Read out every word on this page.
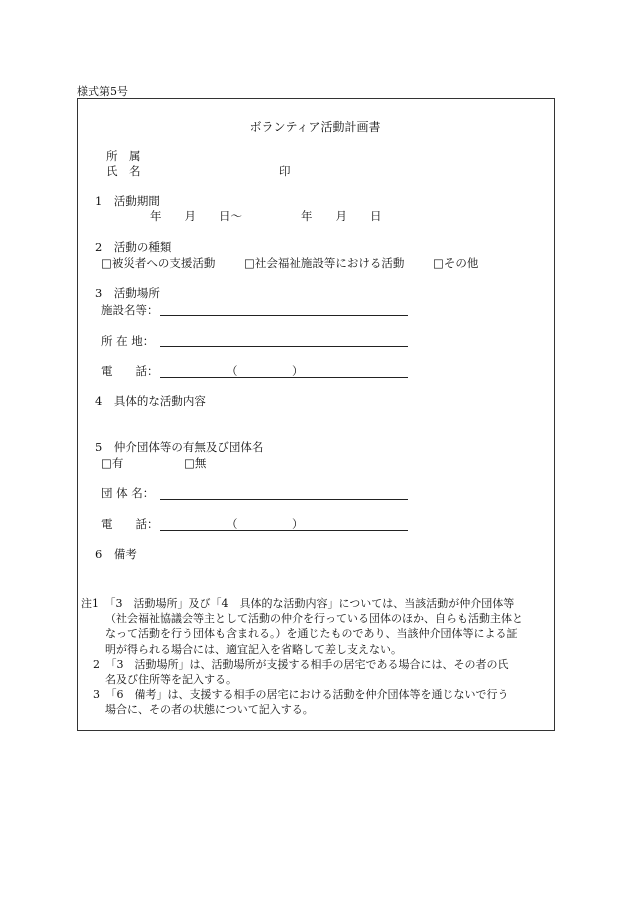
様式第5号
ボランティア活動計画書
所　属
氏　名	印
1　活動期間
年　　月　　日〜	年　　月　　日
2　活動の種類
□被災者への支援活動 □社会福祉施設等における活動 □その他
3　活動場所
施設名等：
所 在 地：
電　　話：	（	）
4　具体的な活動内容
5　仲介団体等の有無及び団体名
□有	□無
団 体 名：
電　　話：	（	）
6　備考

注1　「3　活動場所」及び「4　具体的な活動内容」については、当該活動が仲介団体等

（社会福祉協議会等主として活動の仲介を行っている団体のほか、自らも活動主体と

なって活動を行う団体も含まれる。）を通じたものであり、当該仲介団体等による証

明が得られる場合には、適宜記入を省略して差し支えない。

2　「3　活動場所」は、活動場所が支援する相手の居宅である場合には、その者の氏

名及び住所等を記入する。

3　「6　備考」は、支援する相手の居宅における活動を仲介団体等を通じないで行う

場合に、その者の状態について記入する。
